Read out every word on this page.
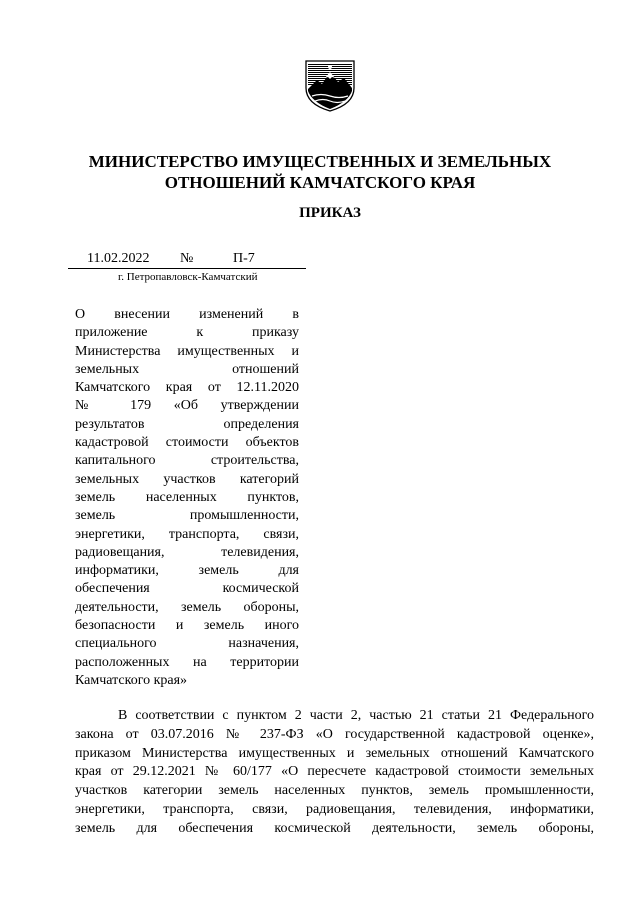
МИНИСТЕРСТВО ИМУЩЕСТВЕННЫХ И ЗЕМЕЛЬНЫХ
ОТНОШЕНИЙ КАМЧАТСКОГО КРАЯ
ПРИКАЗ
11.02.2022 №	П-7
г. Петропавловск-Камчатский
О внесении изменений в
приложение к приказу
Министерства имущественных и
земельных отношений
Камчатского края от 12.11.2020
№ 179 «Об утверждении
результатов определения
кадастровой стоимости объектов
капитального строительства,
земельных участков категорий
земель населенных пунктов,
земель промышленности,
энергетики, транспорта, связи,
радиовещания, телевидения,
информатики, земель для
обеспечения космической
деятельности, земель обороны,
безопасности и земель иного
специального назначения,
расположенных на территории
Камчатского края»
В соответствии с пунктом 2 части 2, частью 21 статьи 21 Федерального
закона от 03.07.2016 № 237-ФЗ «О государственной кадастровой оценке»,
приказом Министерства имущественных и земельных отношений Камчатского
края от 29.12.2021 № 60/177 «О пересчете кадастровой стоимости земельных
участков категории земель населенных пунктов, земель промышленности,
энергетики, транспорта, связи, радиовещания, телевидения, информатики,
земель для обеспечения космической деятельности, земель обороны,
